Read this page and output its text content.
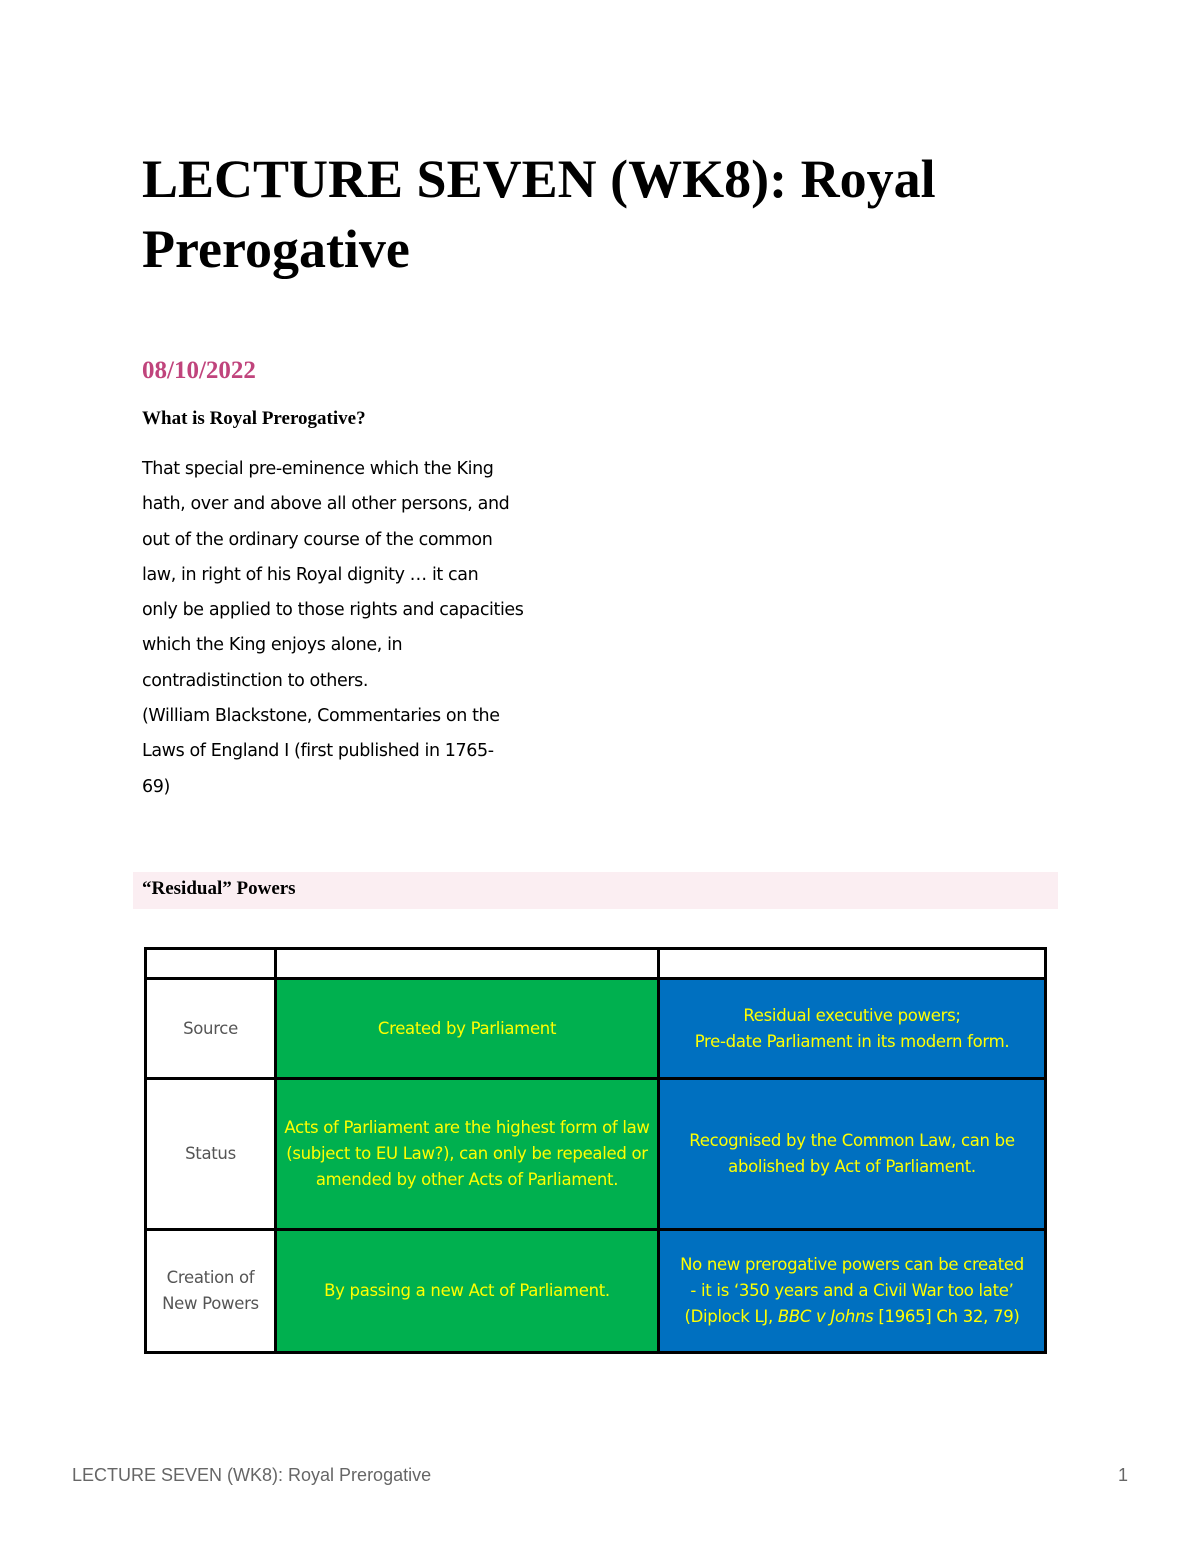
LECTURE SEVEN (WK8): Royal
Prerogative

08/10/2022

What is Royal Prerogative?

That special pre-eminence which the King
hath, over and above all other persons, and
out of the ordinary course of the common
law, in right of his Royal dignity … it can
only be applied to those rights and capacities
which the King enjoys alone, in
contradistinction to others.
(William Blackstone, Commentaries on the
Laws of England I (first published in 1765-
69)
“Residual” Powers

Source	Created by Parliament	Residual executive powers;
Pre-date Parliament in its modern form.
Status	Acts of Parliament are the highest form of law (subject to EU Law?), can only be repealed or amended by other Acts of Parliament.	Recognised by the Common Law, can be abolished by Act of Parliament.
Creation of New Powers	By passing a new Act of Parliament.	No new prerogative powers can be created
- it is ‘350 years and a Civil War too late’
(Diplock LJ, BBC v Johns [1965] Ch 32, 79)
LECTURE SEVEN (WK8): Royal Prerogative	1
